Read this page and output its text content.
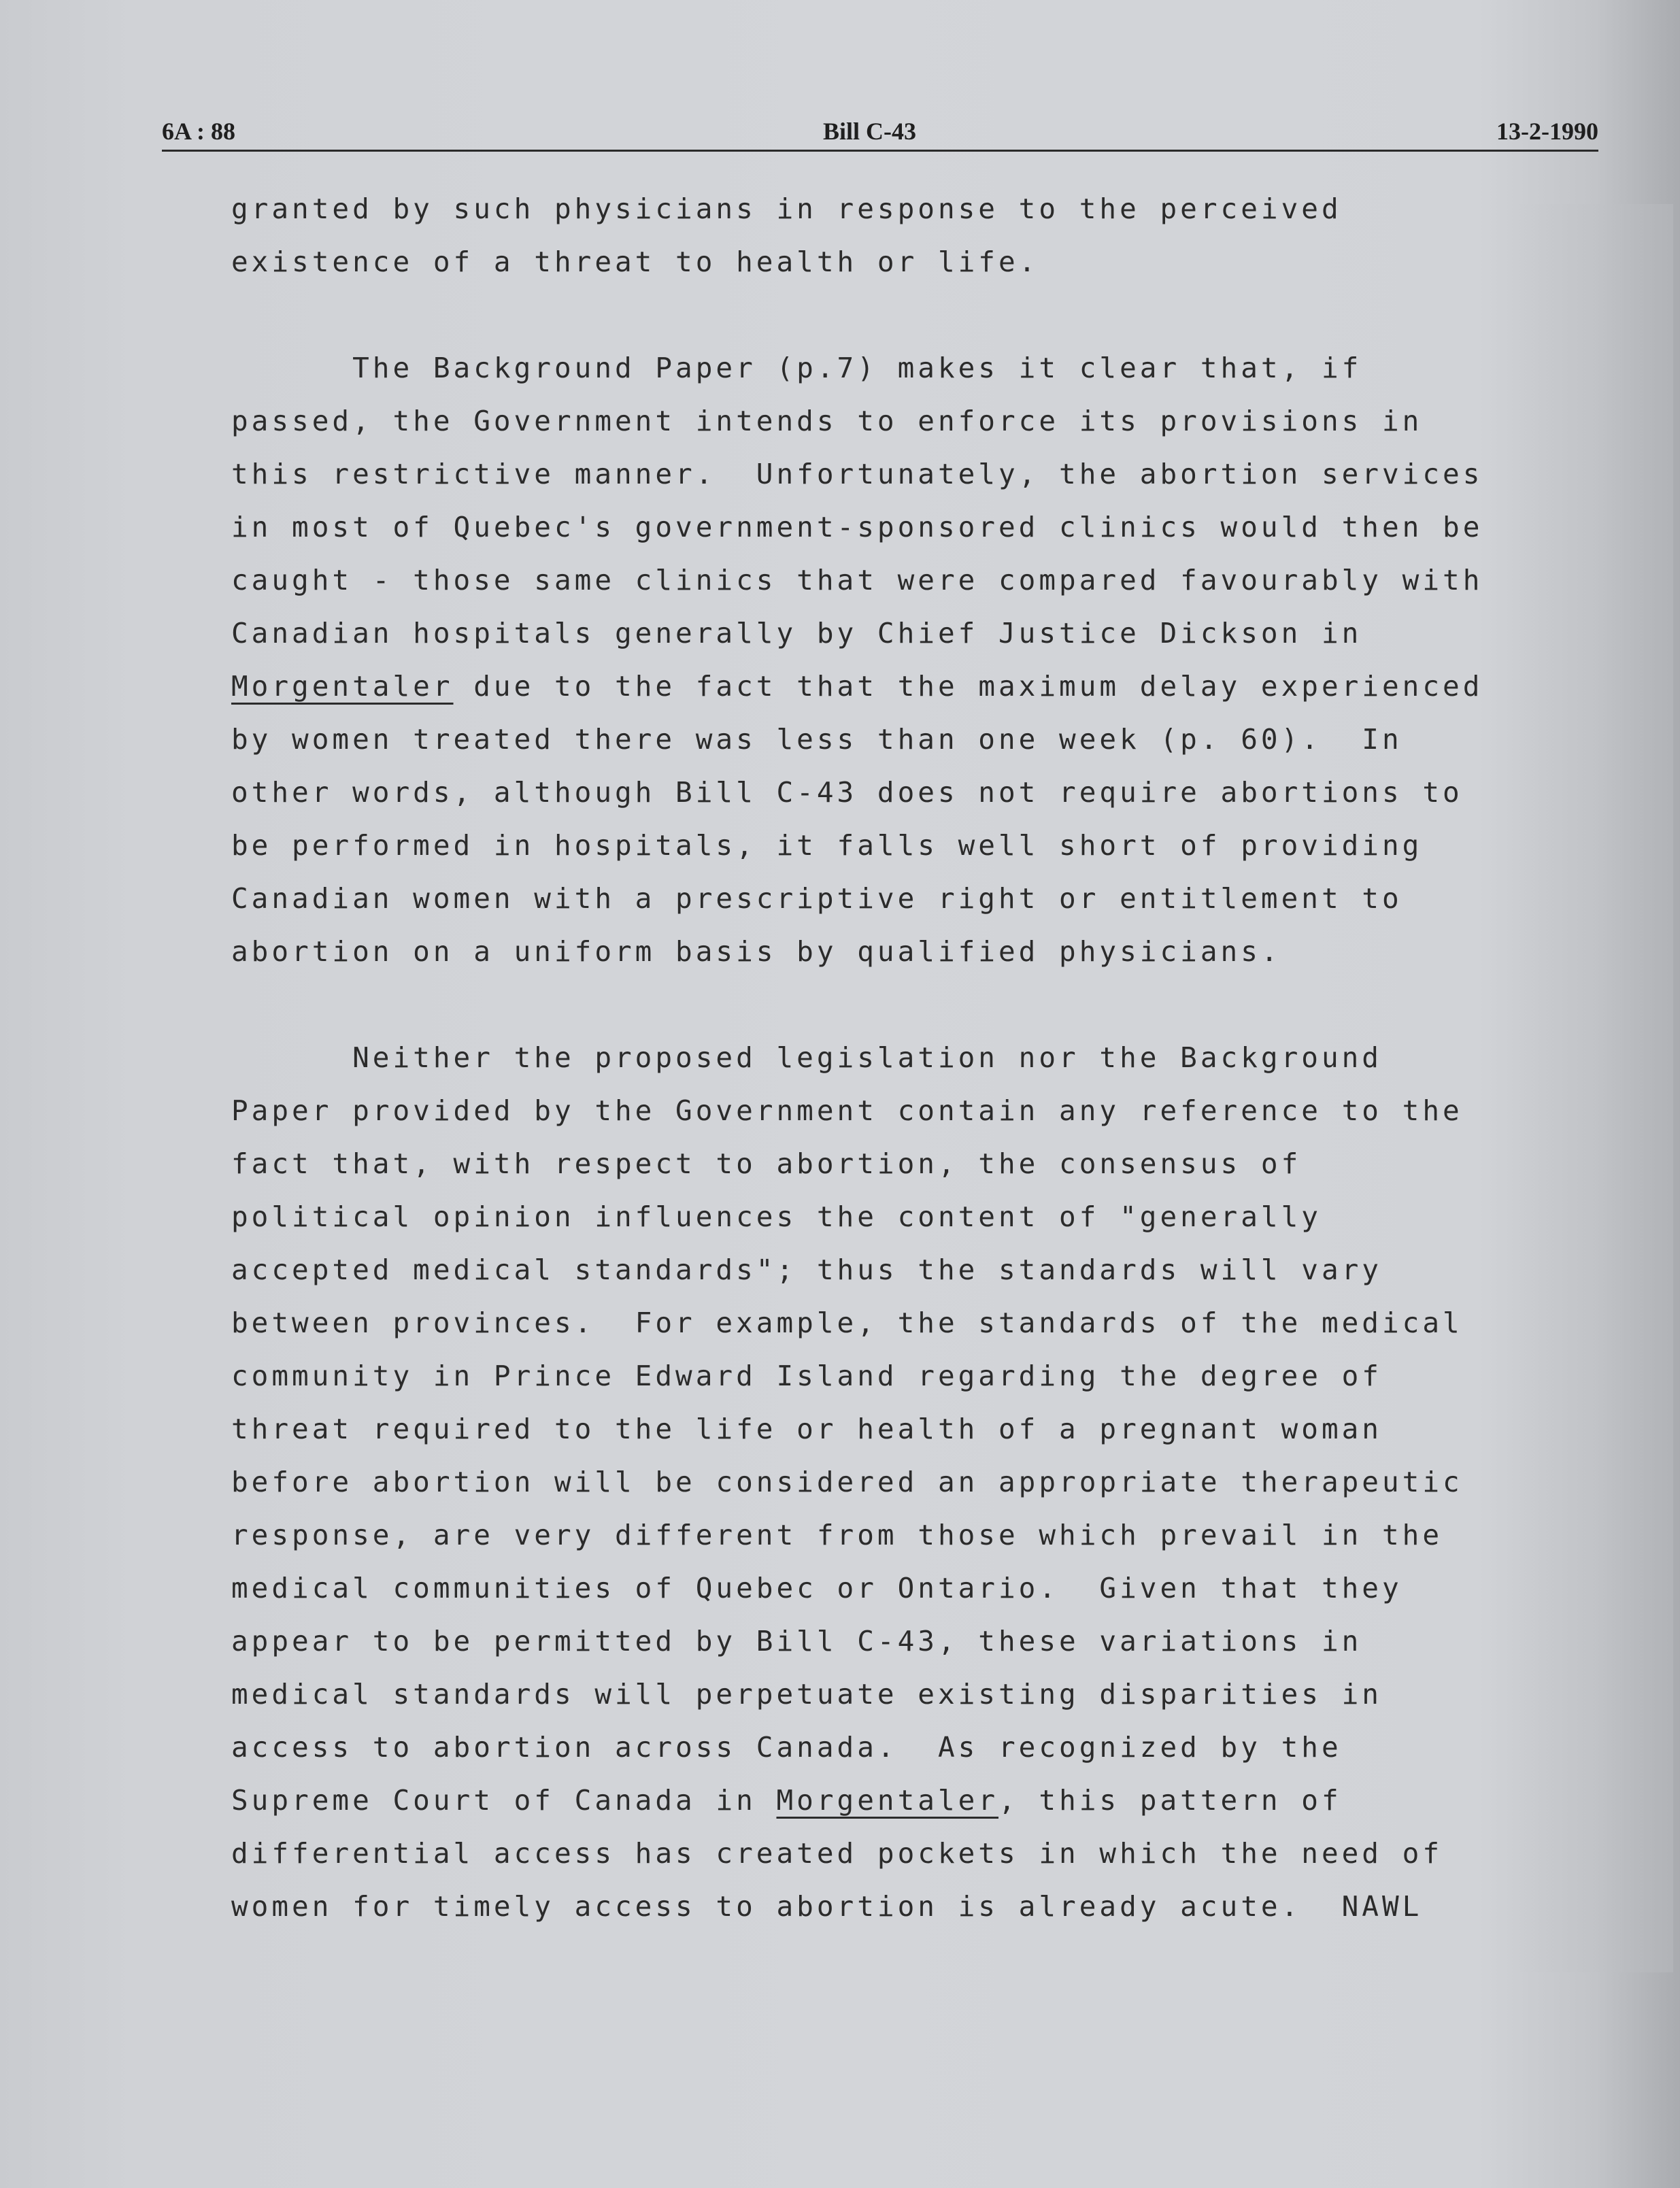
6A : 88	Bill C-43	13-2-1990
granted by such physicians in response to the perceived
existence of a threat to health or life.
The Background Paper (p.7) makes it clear that, if
passed, the Government intends to enforce its provisions in
this restrictive manner.  Unfortunately, the abortion services
in most of Quebec's government-sponsored clinics would then be
caught - those same clinics that were compared favourably with
Canadian hospitals generally by Chief Justice Dickson in
Morgentaler due to the fact that the maximum delay experienced
by women treated there was less than one week (p. 60).  In
other words, although Bill C-43 does not require abortions to
be performed in hospitals, it falls well short of providing
Canadian women with a prescriptive right or entitlement to
abortion on a uniform basis by qualified physicians.
Neither the proposed legislation nor the Background
Paper provided by the Government contain any reference to the
fact that, with respect to abortion, the consensus of
political opinion influences the content of "generally
accepted medical standards"; thus the standards will vary
between provinces.  For example, the standards of the medical
community in Prince Edward Island regarding the degree of
threat required to the life or health of a pregnant woman
before abortion will be considered an appropriate therapeutic
response, are very different from those which prevail in the
medical communities of Quebec or Ontario.  Given that they
appear to be permitted by Bill C-43, these variations in
medical standards will perpetuate existing disparities in
access to abortion across Canada.  As recognized by the
Supreme Court of Canada in Morgentaler, this pattern of
differential access has created pockets in which the need of
women for timely access to abortion is already acute.  NAWL
